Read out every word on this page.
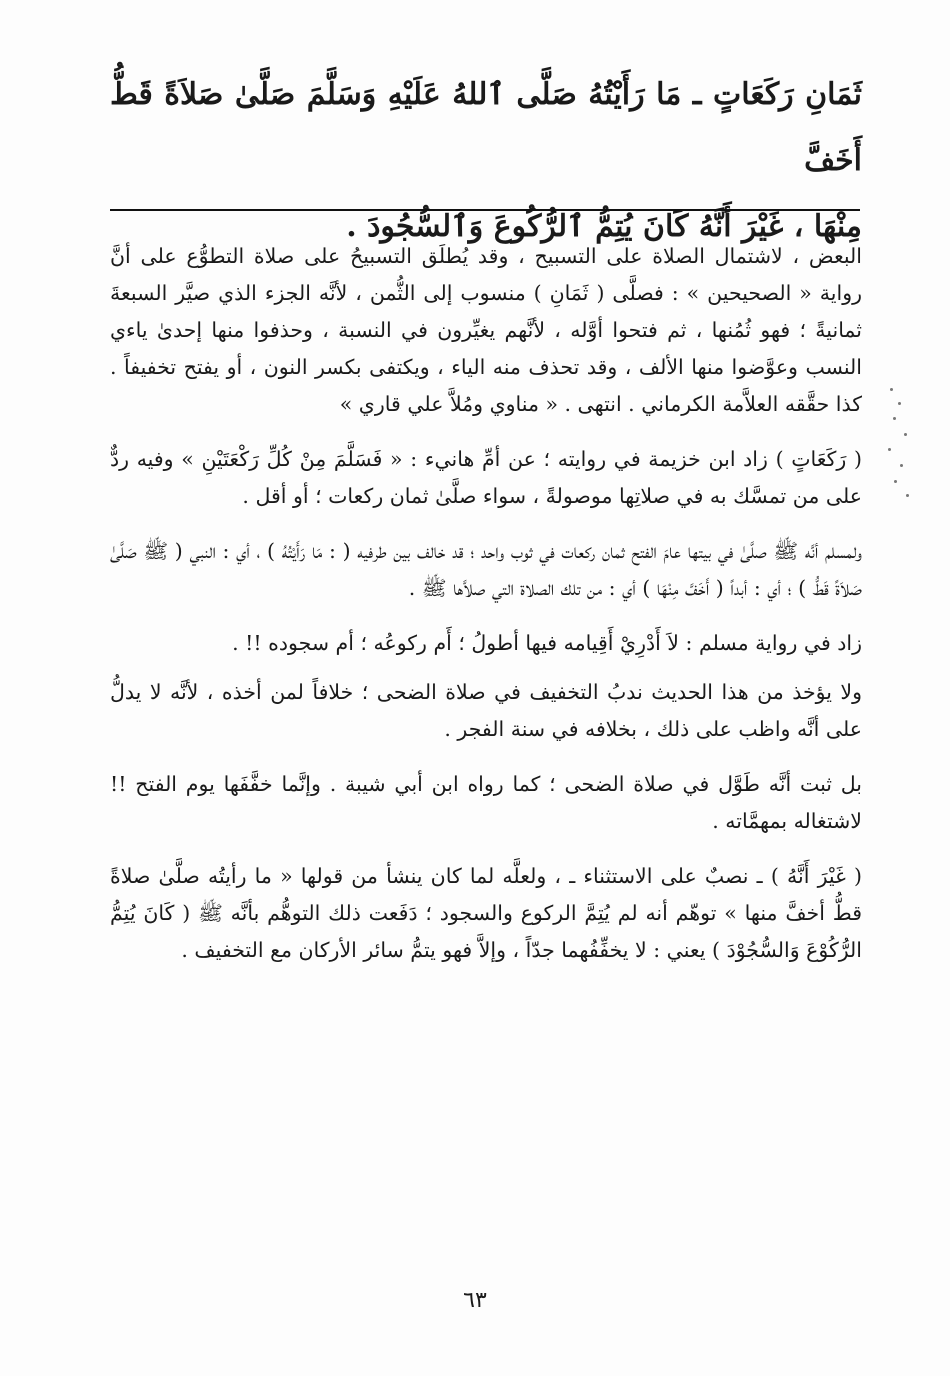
ثَمَانِ رَكَعَاتٍ ـ مَا رَأَيْتُهُ صَلَّى ٱللهُ عَلَيْهِ وَسَلَّمَ صَلَّىٰ صَلاَةً قَطُّ أَخَفَّ

مِنْهَا ، غَيْرَ أَنَّهُ كَانَ يُتِمُّ ٱلرُّكُوعَ وَٱلسُّجُودَ .

البعض ، لاشتمال الصلاة على التسبيح ، وقد يُطلَق التسبيحُ على صلاة التطوُّع على أنَّ رواية « الصحيحين » : فصلَّى ( ثَمَانِ ) منسوب إلى الثُّمن ، لأنَّه الجزء الذي صيَّر السبعةَ ثمانيةً ؛ فهو ثُمُنها ، ثم فتحوا أوَّله ، لأنَّهم يغيِّرون في النسبة ، وحذفوا منها إحدىٰ ياءي النسب وعوَّضوا منها الألف ، وقد تحذف منه الياء ، ويكتفى بكسر النون ، أو يفتح تخفيفاً . كذا حقَّقه العلاَّمة الكرماني . انتهى . « مناوي ومُلاَّ علي قاري »

( رَكَعَاتٍ ) زاد ابن خزيمة في روايته ؛ عن أمِّ هانيء : « فَسَلَّمَ مِنْ كُلِّ رَكْعَتَيْنِ » وفيه ردٌّ على من تمسَّك به في صلاتِها موصولةً ، سواء صلَّىٰ ثمان ركعات ؛ أو أقل .

ولمسلم أنَّه ﷺ صلَّىٰ في بيتها عامَ الفتح ثمان ركعات في ثوب واحد ؛ قد خالف بين طرفيه ( : مَا رَأَيْتُهُ ) ، أي : النبي ( ﷺ صَلَّىٰ صَلاَةً قَطُّ ) ؛ أي : أبداً ( أَخَفَّ مِنْهَا ) أي : من تلك الصلاة التي صلاَّها ﷺ .

زاد في رواية مسلم : لاَ أَدْرِيْ أَقِيامه فيها أطولُ ؛ أَم ركوعُه ؛ أم سجوده !! .

ولا يؤخذ من هذا الحديث ندبُ التخفيف في صلاة الضحى ؛ خلافاً لمن أخذه ، لأنَّه لا يدلُّ على أنَّه واظب على ذلك ، بخلافه في سنة الفجر .

بل ثبت أنَّه طَوَّل في صلاة الضحى ؛ كما رواه ابن أبي شيبة . وإنَّما خفَّفَها يوم الفتح !! لاشتغاله بمهمَّاته .

( غَيْرَ أَنَّهُ ) ـ نصبٌ على الاستثناء ـ ، ولعلَّه لما كان ينشأ من قولها « ما رأيتُه صلَّىٰ صلاةً قطُّ أخفَّ منها » توهّم أنه لم يُتِمَّ الركوع والسجود ؛ دَفَعت ذلك التوهُّم بأنَّه ﷺ ( كَانَ يُتِمُّ الرُّكُوْعَ وَالسُّجُوْدَ ) يعني : لا يخفِّفُهما جدّاً ، وإلاَّ فهو يتمُّ سائر الأركان مع التخفيف .

٦٣
